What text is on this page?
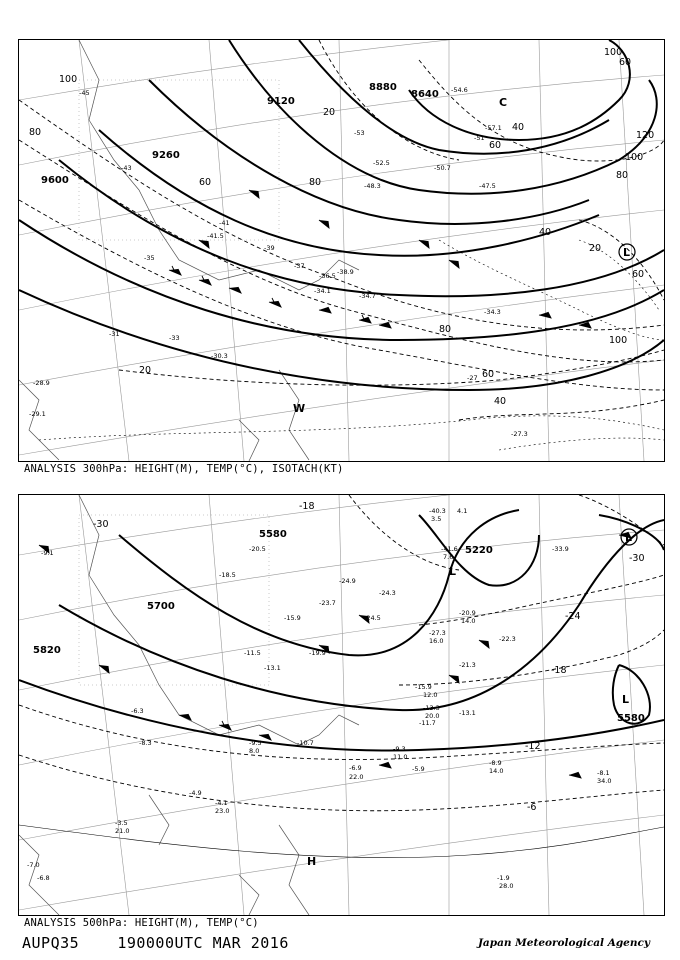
9600
9260
9120
8880
8640
100
80
20
20
80
60
60
40
100
120
100
80
60
40
20
80
100
60
40
60
-45
-43
-41
-39
-37
-36.5
-35
-34.3
-33
-31
-30.3
-29.1
-28.9
-27
-27.3
-47.5
-51
-53
-54.6
-57.1
-48.3
-50.7
-52.5
-41.5
-38.9
-34.1
-34.7
L
W
C
ANALYSIS 300hPa: HEIGHT(M), TEMP(°C), ISOTACH(KT)
5820
5700
5580
5580
5220
-30
-24
-18
-12
-6
-30
-18	-40.3
-41.6	-33.9
-24.9
-27.3
-20.9
-24.5
-22.3
-21.3
-15.9
-13.3
-13.1
-11.7
-10.7
-9.3
-8.9
-8.1
-6.9	-5.9
-4.9
-4.1
-3.5
-1.9
-6.3
-8.3	-9.5
-9.1
-7.0
-6.8
-11.5
-13.1
-15.9
-18.5
-19.9
-20.5
-23.7
-24.3
3.5
4.1
7.6
14.0
16.0
12.0
20.0
22.0
28.0
34.0
11.0
14.0
23.0
8.0
21.0
L
L
L
H
ANALYSIS 500hPa: HEIGHT(M), TEMP(°C)
AUPQ35	190000UTC MAR 2016	Japan Meteorological Agency
